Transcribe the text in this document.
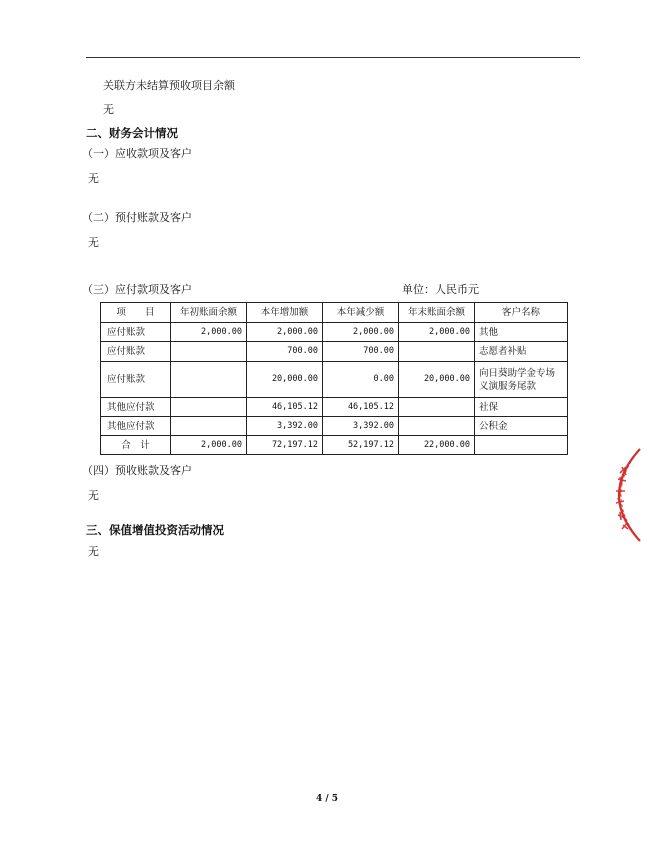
关联方未结算预收项目余额
无
二、财务会计情况
（一）应收款项及客户
无
（二）预付账款及客户
无
（三）应付款项及客户	单位：人民币元
项　　目	年初账面余额	本年增加额	本年减少额	年末账面余额	客户名称
应付账款	2,000.00	2,000.00	2,000.00	2,000.00	其他
应付账款		700.00	700.00		志愿者补贴
应付账款		20,000.00	0.00	20,000.00	向日葵助学金专场义演服务尾款
其他应付款		46,105.12	46,105.12		社保
其他应付款		3,392.00	3,392.00		公积金
合　计	2,000.00	72,197.12	52,197.12	22,000.00	
（四）预收账款及客户
无
三、保值增值投资活动情况
无
4 / 5
